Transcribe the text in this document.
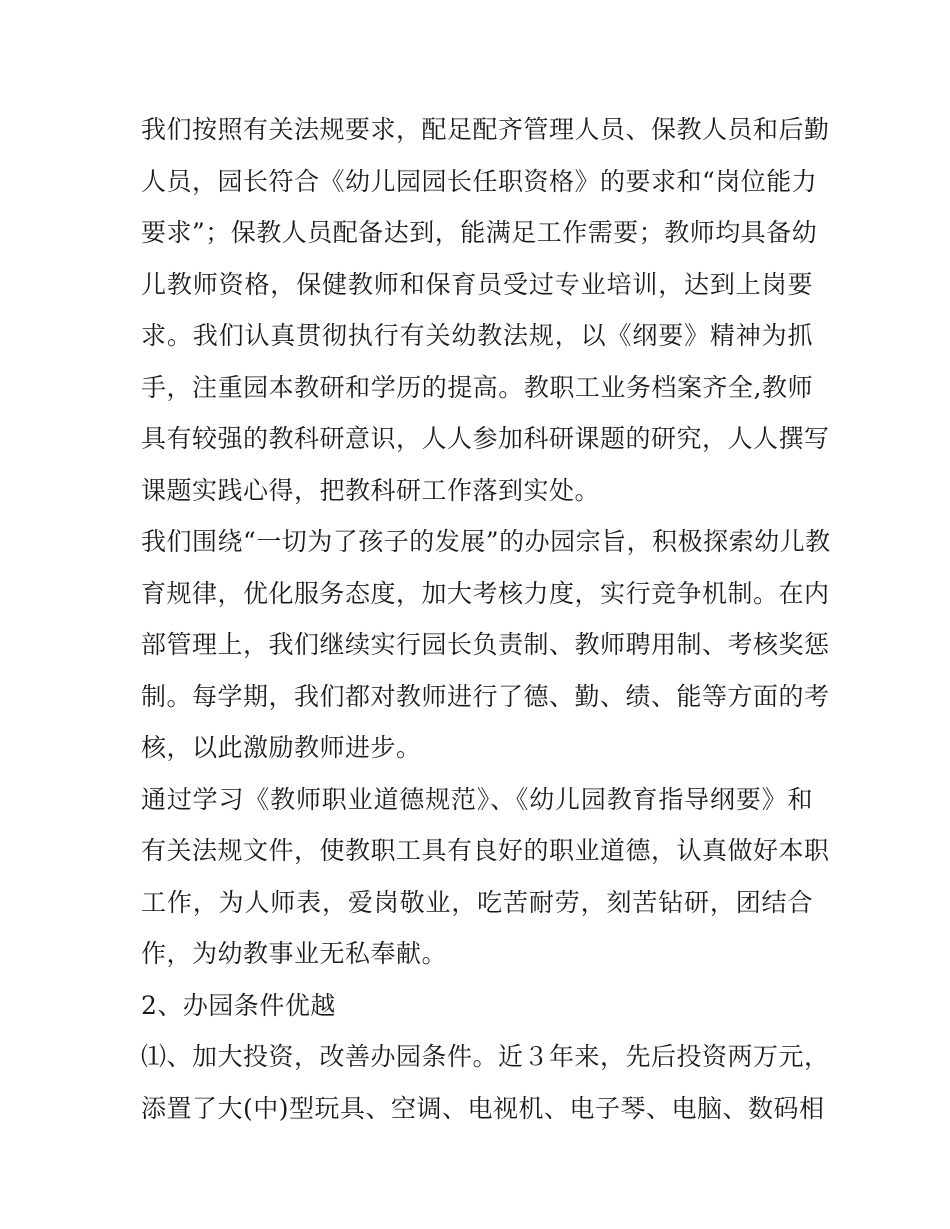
我们按照有关法规要求，配足配齐管理人员、保教人员和后勤
人员，园长符合《幼儿园园长任职资格》的要求和“岗位能力
要求”；保教人员配备达到，能满足工作需要；教师均具备幼
儿教师资格，保健教师和保育员受过专业培训，达到上岗要
求。我们认真贯彻执行有关幼教法规，以《纲要》精神为抓
手，注重园本教研和学历的提高。教职工业务档案齐全,教师
具有较强的教科研意识，人人参加科研课题的研究，人人撰写
课题实践心得，把教科研工作落到实处。
我们围绕“一切为了孩子的发展”的办园宗旨，积极探索幼儿教
育规律，优化服务态度，加大考核力度，实行竞争机制。在内
部管理上，我们继续实行园长负责制、教师聘用制、考核奖惩
制。每学期，我们都对教师进行了德、勤、绩、能等方面的考
核，以此激励教师进步。
通过学习《教师职业道德规范》、《幼儿园教育指导纲要》和
有关法规文件，使教职工具有良好的职业道德，认真做好本职
工作，为人师表，爱岗敬业，吃苦耐劳，刻苦钻研，团结合
作，为幼教事业无私奉献。
2、办园条件优越
⑴、加大投资，改善办园条件。近３年来，先后投资两万元，
添置了大(中)型玩具、空调、电视机、电子琴、电脑、数码相
